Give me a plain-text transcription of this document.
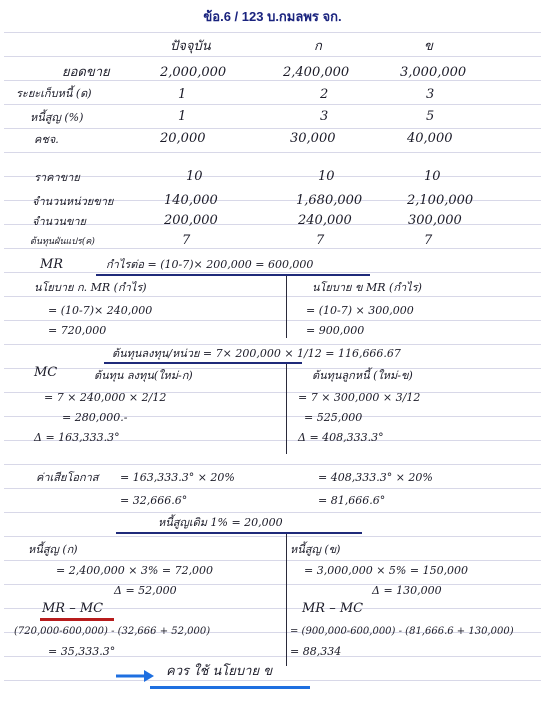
ข้อ.6 / 123 บ.กมลพร จก.
ปัจจุบัน	ก	ข
ยอดขาย	2,000,000	2,400,000	3,000,000
ระยะเก็บหนี้ (ด)	1	2	3
หนี้สูญ (%)	1	3	5
คชจ.	20,000	30,000	40,000
ราคาขาย	10	10	10
จำนวนหน่วยขาย	140,000	1,680,000	2,100,000
จำนวนขาย	200,000	240,000	300,000
ต้นทุนผันแปร(ค)	7	7	7
MR	กำไรต่อ = (10-7)× 200,000 = 600,000
นโยบาย ก. MR (กำไร)	นโยบาย ข MR (กำไร)
= (10-7)× 240,000
= 720,000
= (10-7) × 300,000
= 900,000
ต้นทุนลงทุน/หน่วย = 7× 200,000 × 1/12 = 116,666.67
MC	ต้นทุน ลงทุน(ใหม่-ก)	ต้นทุนลูกหนี้ (ใหม่-ข)
= 7 × 240,000 × 2/12
= 280,000.-
Δ = 163,333.3°
= 7 × 300,000 × 3/12
= 525,000
Δ = 408,333.3°
ค่าเสียโอกาส = 163,333.3° × 20%
= 32,666.6°
= 408,333.3° × 20%
= 81,666.6°
หนี้สูญเดิม 1% = 20,000
หนี้สูญ (ก)	หนี้สูญ (ข)
= 2,400,000 × 3% = 72,000
Δ = 52,000
= 3,000,000 × 5% = 150,000
Δ = 130,000
MR – MC	MR – MC
(720,000-600,000) - (32,666 + 52,000)
= 35,333.3°
= (900,000-600,000) - (81,666.6 + 130,000)
= 88,334
ควร ใช้ นโยบาย ข
